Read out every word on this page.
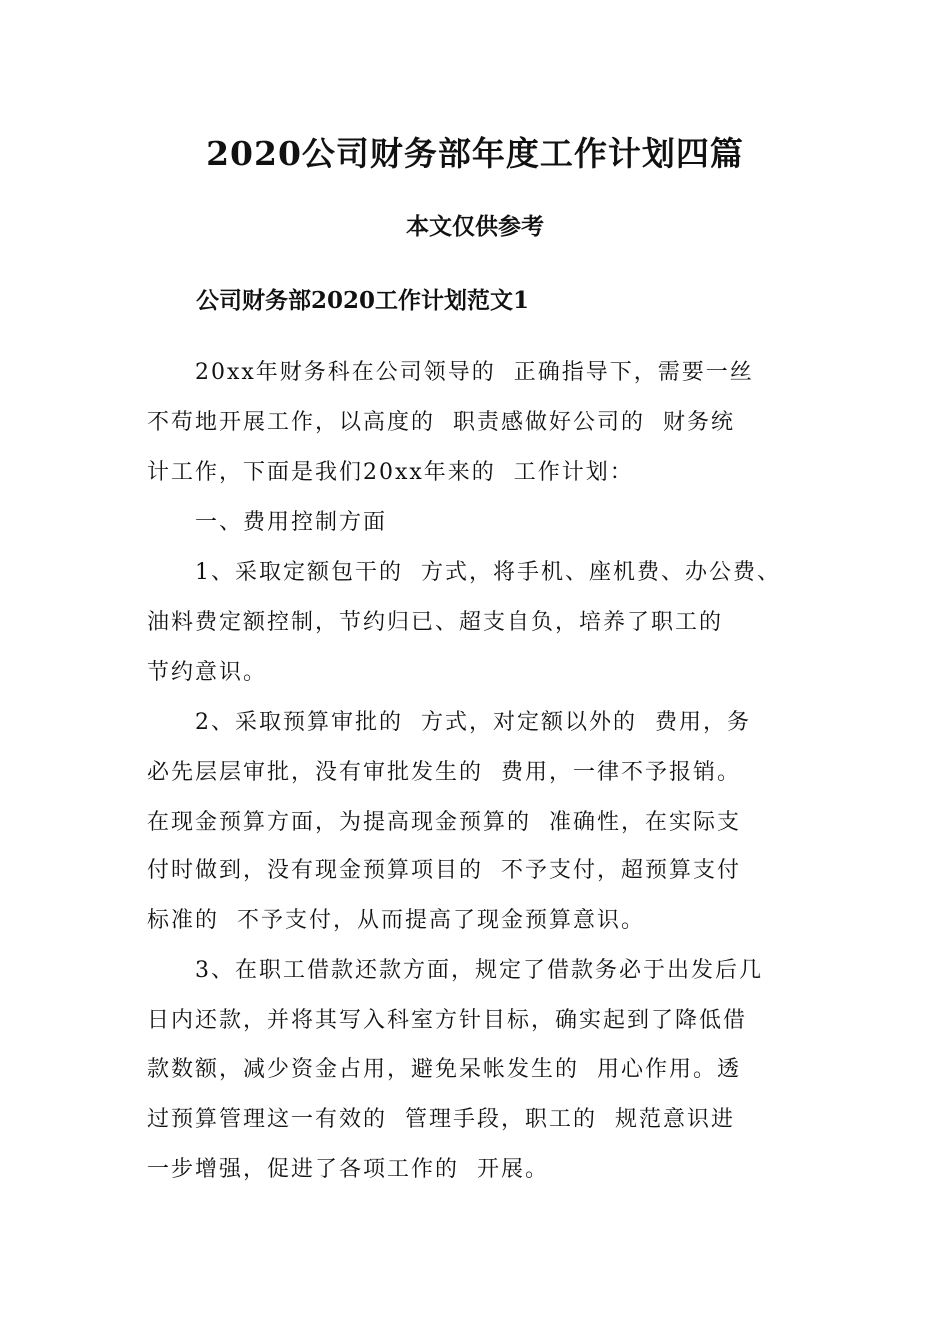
2020公司财务部年度工作计划四篇
本文仅供参考
公司财务部2020工作计划范文1
20xx年财务科在公司领导的  正确指导下，需要一丝
不苟地开展工作，以高度的  职责感做好公司的  财务统
计工作，下面是我们20xx年来的  工作计划：
一、费用控制方面
1、采取定额包干的  方式，将手机、座机费、办公费、
油料费定额控制，节约归已、超支自负，培养了职工的
节约意识。
2、采取预算审批的  方式，对定额以外的  费用，务
必先层层审批，没有审批发生的  费用，一律不予报销。
在现金预算方面，为提高现金预算的  准确性，在实际支
付时做到，没有现金预算项目的  不予支付，超预算支付
标准的  不予支付，从而提高了现金预算意识。
3、在职工借款还款方面，规定了借款务必于出发后几
日内还款，并将其写入科室方针目标，确实起到了降低借
款数额，减少资金占用，避免呆帐发生的  用心作用。透
过预算管理这一有效的  管理手段，职工的  规范意识进
一步增强，促进了各项工作的  开展。
